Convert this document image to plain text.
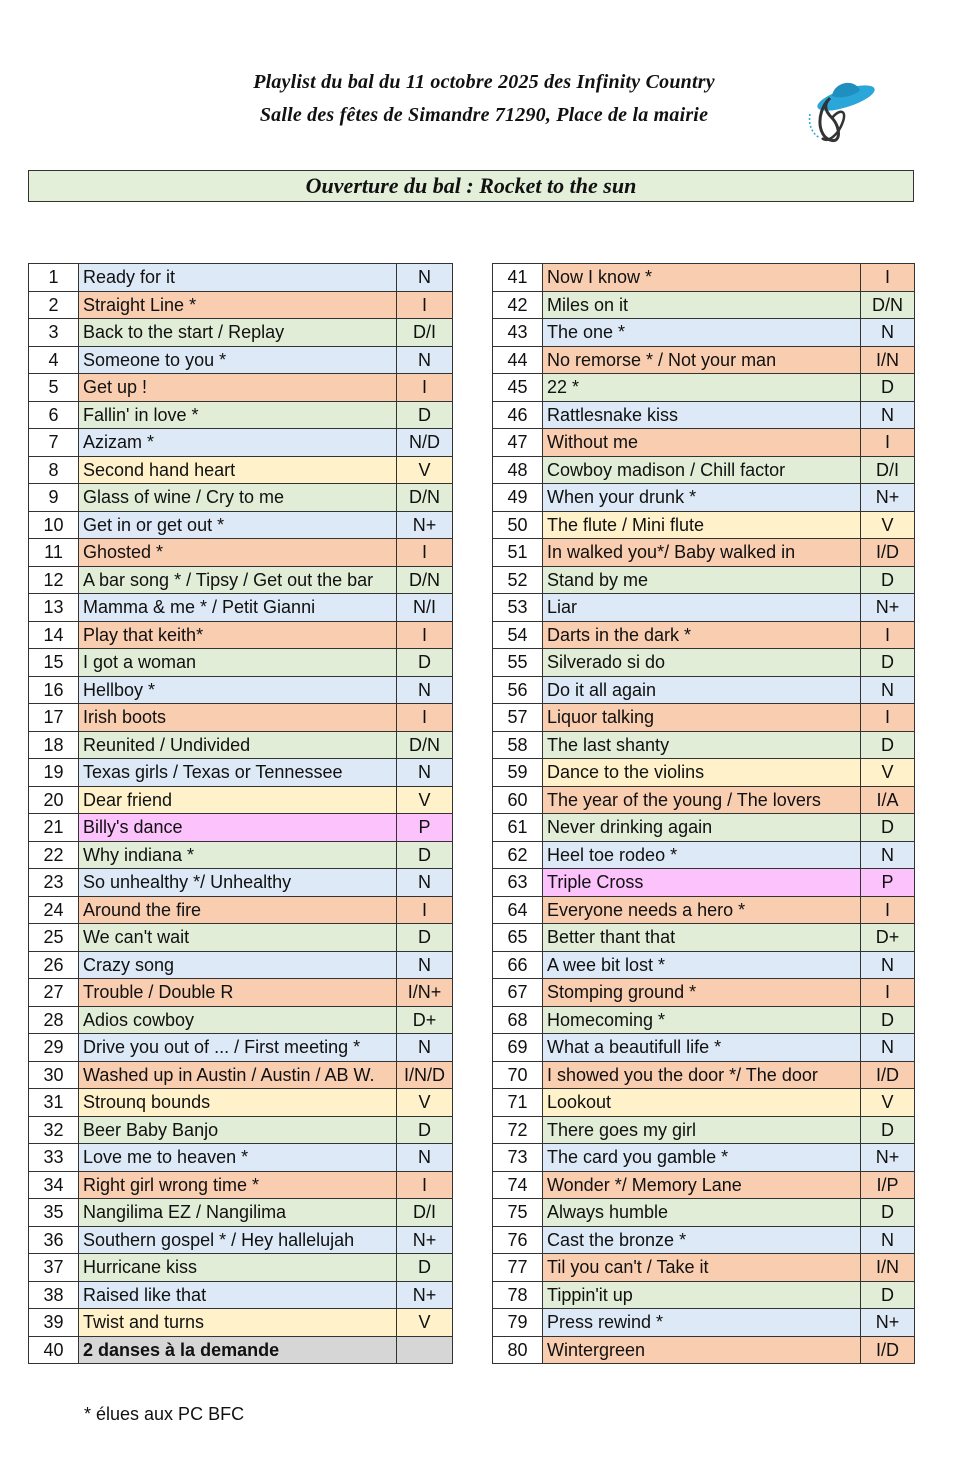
Playlist du bal du 11 octobre 2025 des Infinity Country
Salle des fêtes de Simandre 71290, Place de la mairie
Ouverture du bal : Rocket to the sun
1	Ready for it	N
2	Straight Line *	I
3	Back to the start / Replay	D/I
4	Someone to you *	N
5	Get up !	I
6	Fallin' in love *	D
7	Azizam *	N/D
8	Second hand heart	V
9	Glass of wine / Cry to me	D/N
10	Get in or get out *	N+
11	Ghosted *	I
12	A bar song * / Tipsy / Get out the bar	D/N
13	Mamma & me * / Petit Gianni	N/I
14	Play that keith*	I
15	I got a woman	D
16	Hellboy *	N
17	Irish boots	I
18	Reunited / Undivided	D/N
19	Texas girls / Texas or Tennessee	N
20	Dear friend	V
21	Billy's dance	P
22	Why indiana *	D
23	So unhealthy */ Unhealthy	N
24	Around the fire	I
25	We can't wait	D
26	Crazy song	N
27	Trouble / Double R	I/N+
28	Adios cowboy	D+
29	Drive you out of ... / First meeting *	N
30	Washed up in Austin / Austin / AB W.	I/N/D
31	Strounq bounds	V
32	Beer Baby Banjo	D
33	Love me to heaven *	N
34	Right girl wrong time *	I
35	Nangilima EZ / Nangilima	D/I
36	Southern gospel * / Hey hallelujah	N+
37	Hurricane kiss	D
38	Raised like that	N+
39	Twist and turns	V
40	2 danses à la demande	
41	Now I know *	I
42	Miles on it	D/N
43	The one *	N
44	No remorse * / Not your man	I/N
45	22 *	D
46	Rattlesnake kiss	N
47	Without me	I
48	Cowboy madison / Chill factor	D/I
49	When your drunk *	N+
50	The flute / Mini flute	V
51	In walked you*/ Baby walked in	I/D
52	Stand by me	D
53	Liar	N+
54	Darts in the dark *	I
55	Silverado si do	D
56	Do it all again	N
57	Liquor talking	I
58	The last shanty	D
59	Dance to the violins	V
60	The year of the young / The lovers	I/A
61	Never drinking again	D
62	Heel toe rodeo *	N
63	Triple Cross	P
64	Everyone needs a hero *	I
65	Better thant that	D+
66	A wee bit lost *	N
67	Stomping ground *	I
68	Homecoming *	D
69	What a beautifull life *	N
70	I showed you the door */ The door	I/D
71	Lookout	V
72	There goes my girl	D
73	The card you gamble *	N+
74	Wonder */ Memory Lane	I/P
75	Always humble	D
76	Cast the bronze *	N
77	Til you can't / Take it	I/N
78	Tippin'it up	D
79	Press rewind *	N+
80	Wintergreen	I/D
* élues aux PC BFC
